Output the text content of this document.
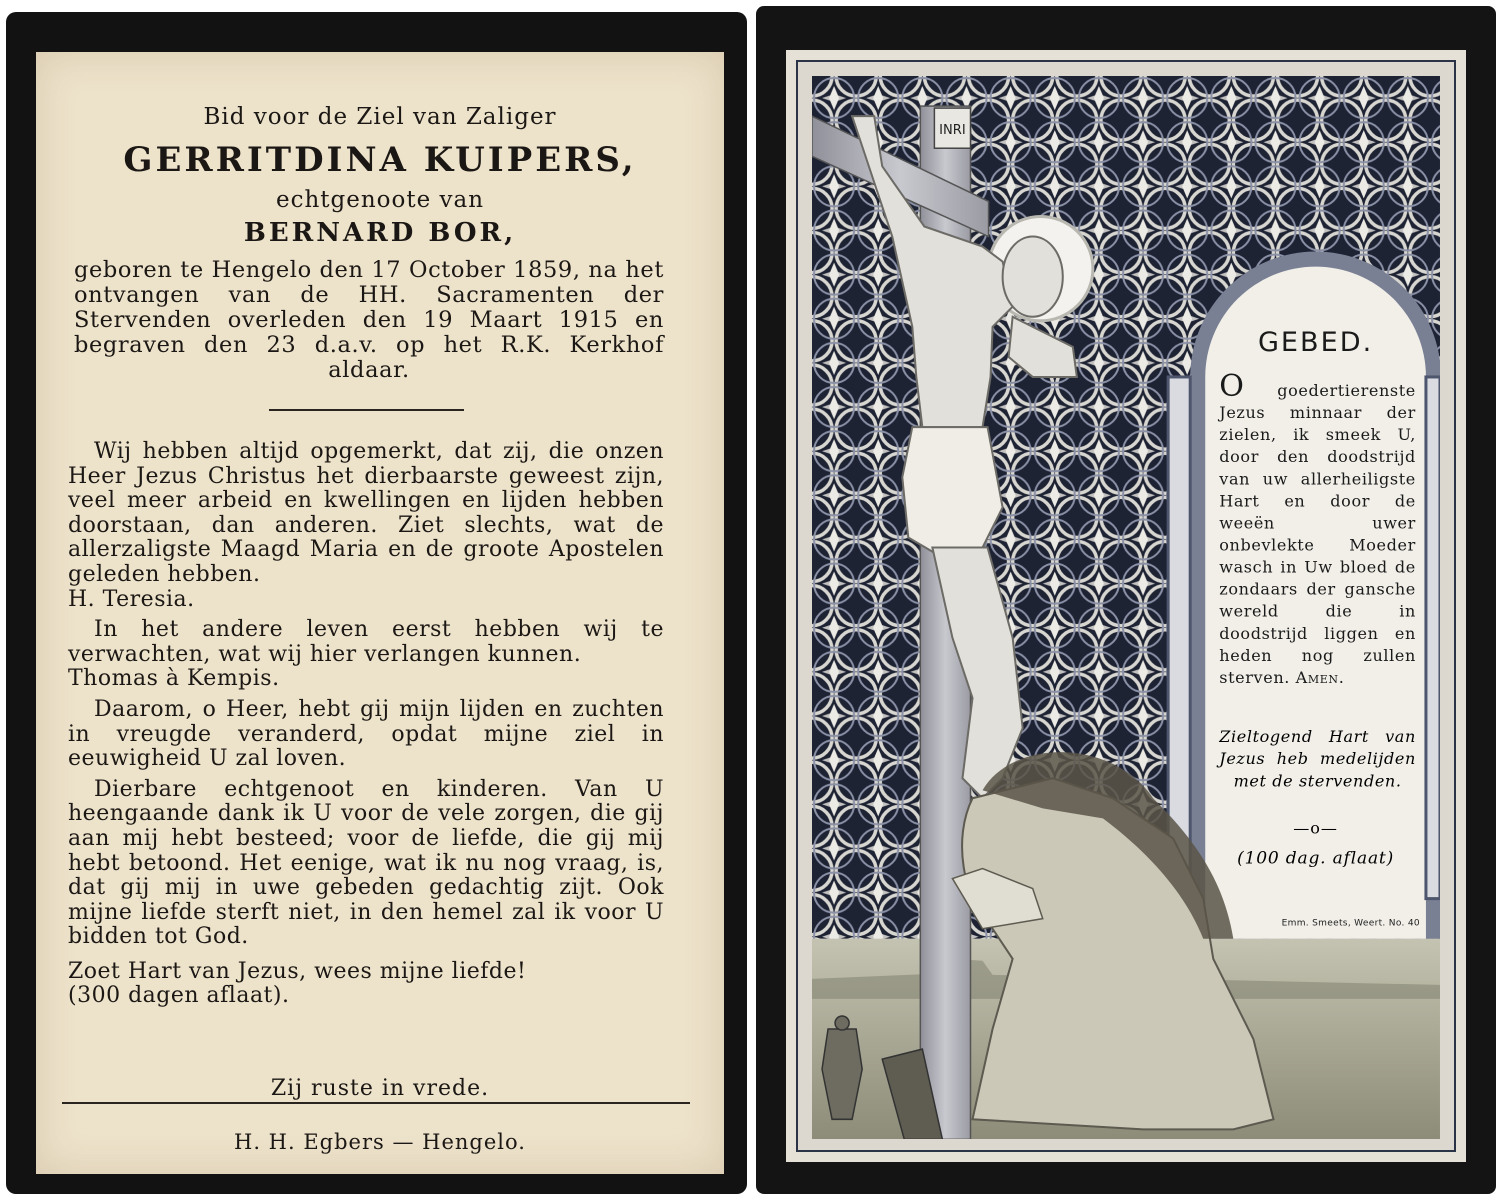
Bid voor de Ziel van Zaliger
GERRITDINA KUIPERS,
echtgenoote van
BERNARD BOR,
geboren te Hengelo den 17 October 1859, na het ontvangen van de HH. Sacramenten der Stervenden overleden den 19 Maart 1915 en begraven den 23 d.a.v. op het R.K. Kerkhof aldaar.

Wij hebben altijd opgemerkt, dat zij, die onzen Heer Jezus Christus het dierbaarste geweest zijn, veel meer arbeid en kwellingen en lijden hebben doorstaan, dan anderen. Ziet slechts, wat de allerzaligste Maagd Maria en de groote Apostelen geleden hebben.

H. Teresia.

In het andere leven eerst hebben wij te verwachten, wat wij hier verlangen kunnen.

Thomas à Kempis.

Daarom, o Heer, hebt gij mijn lijden en zuchten in vreugde veranderd, opdat mijne ziel in eeuwigheid U zal loven.

Dierbare echtgenoot en kinderen. Van U heengaande dank ik U voor de vele zorgen, die gij aan mij hebt besteed; voor de liefde, die gij mij hebt betoond. Het eenige, wat ik nu nog vraag, is, dat gij mij in uwe gebeden gedachtig zijt. Ook mijne liefde sterft niet, in den hemel zal ik voor U bidden tot God.

Zoet Hart van Jezus, wees mijne liefde!

(300 dagen aflaat).

Zij ruste in vrede.
H. H. Egbers — Hengelo.
INRI
GEBED.
O goedertierenste Jezus minnaar der zielen, ik smeek U, door den doodstrijd van uw allerheiligste Hart en door de weeën uwer onbevlekte Moeder wasch in Uw bloed de zondaars der gansche wereld die in doodstrijd liggen en heden nog zullen sterven. Amen.
Zieltogend Hart van Jezus heb medelijden met de stervenden.
—o—
(100 dag. aflaat)
Emm. Smeets, Weert. No. 40
